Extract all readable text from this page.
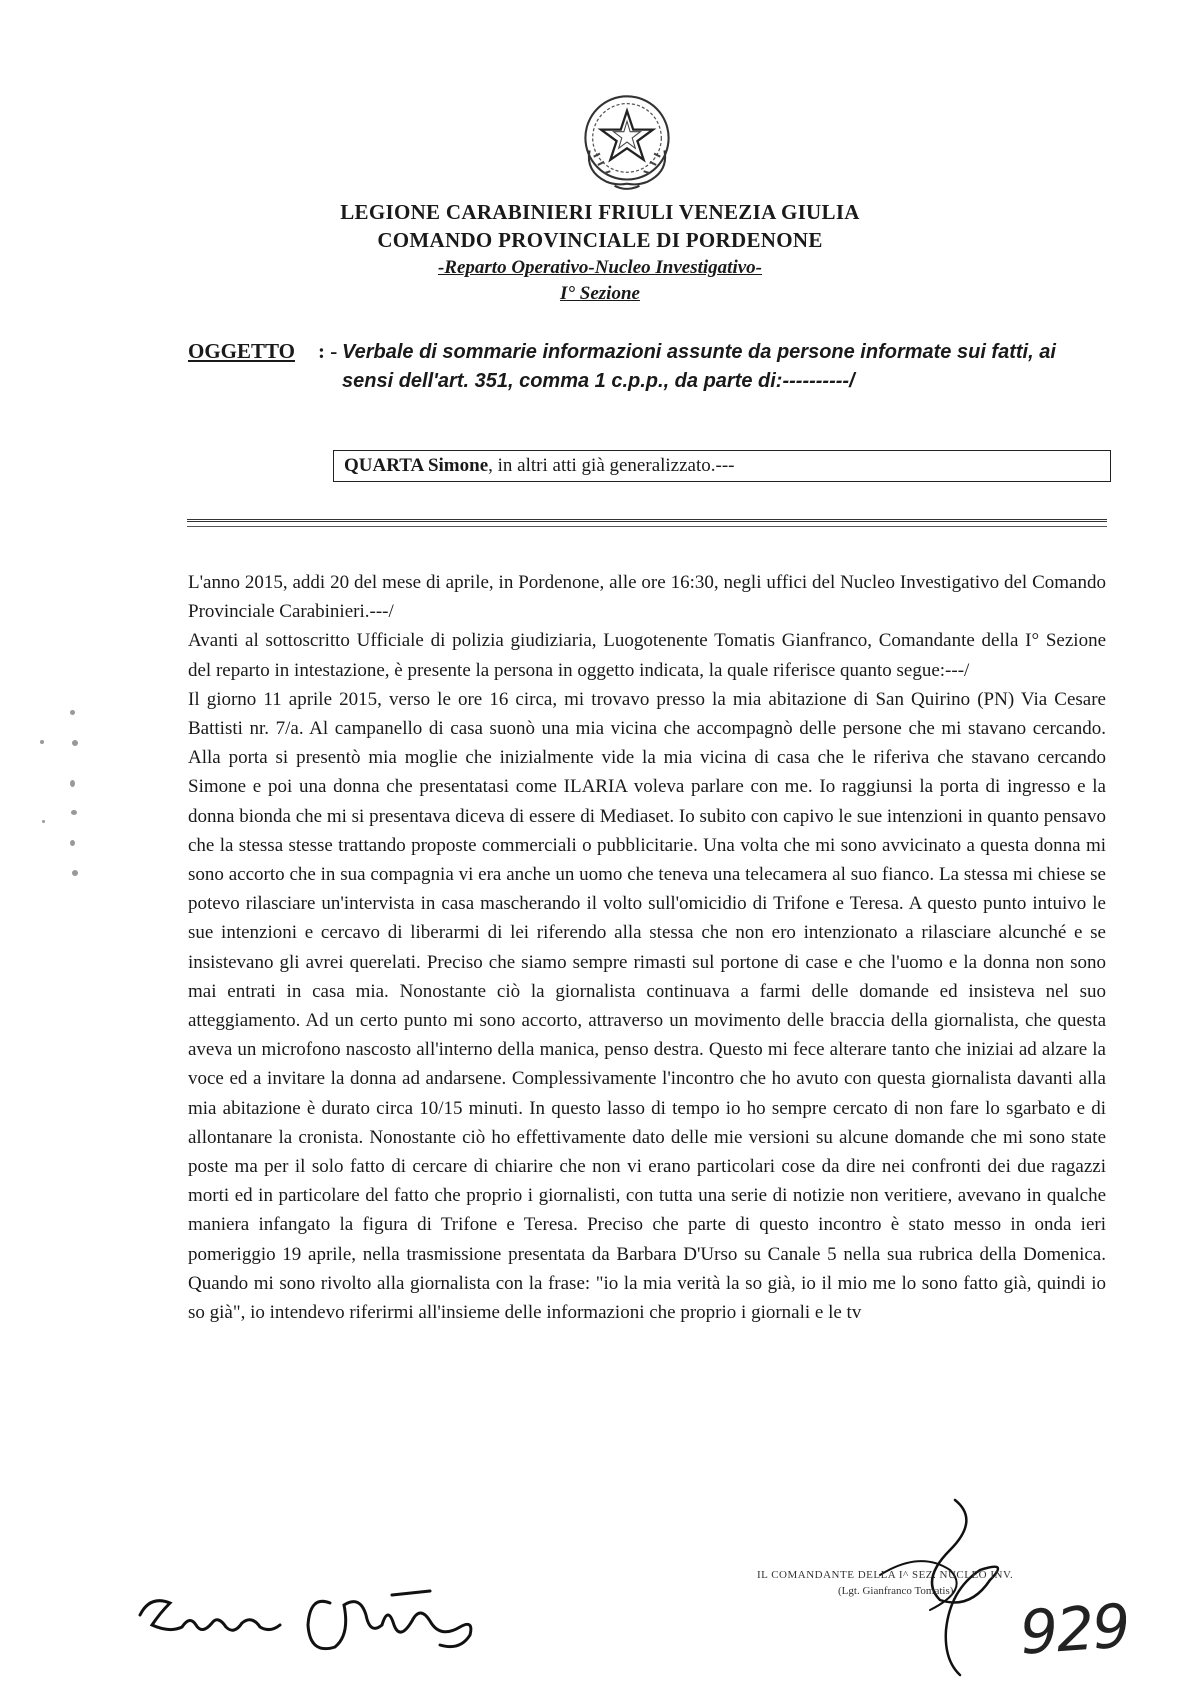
LEGIONE CARABINIERI FRIULI VENEZIA GIULIA
COMANDO PROVINCIALE DI PORDENONE
-Reparto Operativo-Nucleo Investigativo-
I° Sezione
OGGETTO : - Verbale di sommarie informazioni assunte da persone informate sui fatti, ai sensi dell'art. 351, comma 1 c.p.p., da parte di:----------/
QUARTA Simone, in altri atti già generalizzato.---

L'anno 2015, addi 20 del mese di aprile, in Pordenone, alle ore 16:30, negli uffici del Nucleo Investigativo del Comando Provinciale Carabinieri.---/

Avanti al sottoscritto Ufficiale di polizia giudiziaria, Luogotenente Tomatis Gianfranco, Comandante della I° Sezione del reparto in intestazione, è presente la persona in oggetto indicata, la quale riferisce quanto segue:---/

Il giorno 11 aprile 2015, verso le ore 16 circa, mi trovavo presso la mia abitazione di San Quirino (PN) Via Cesare Battisti nr. 7/a. Al campanello di casa suonò una mia vicina che accompagnò delle persone che mi stavano cercando. Alla porta si presentò mia moglie che inizialmente vide la mia vicina di casa che le riferiva che stavano cercando Simone e poi una donna che presentatasi come ILARIA voleva parlare con me. Io raggiunsi la porta di ingresso e la donna bionda che mi si presentava diceva di essere di Mediaset. Io subito con capivo le sue intenzioni in quanto pensavo che la stessa stesse trattando proposte commerciali o pubblicitarie. Una volta che mi sono avvicinato a questa donna mi sono accorto che in sua compagnia vi era anche un uomo che teneva una telecamera al suo fianco. La stessa mi chiese se potevo rilasciare un'intervista in casa mascherando il volto sull'omicidio di Trifone e Teresa. A questo punto intuivo le sue intenzioni e cercavo di liberarmi di lei riferendo alla stessa che non ero intenzionato a rilasciare alcunché e se insistevano gli avrei querelati. Preciso che siamo sempre rimasti sul portone di case e che l'uomo e la donna non sono mai entrati in casa mia. Nonostante ciò la giornalista continuava a farmi delle domande ed insisteva nel suo atteggiamento. Ad un certo punto mi sono accorto, attraverso un movimento delle braccia della giornalista, che questa aveva un microfono nascosto all'interno della manica, penso destra. Questo mi fece alterare tanto che iniziai ad alzare la voce ed a invitare la donna ad andarsene. Complessivamente l'incontro che ho avuto con questa giornalista davanti alla mia abitazione è durato circa 10/15 minuti. In questo lasso di tempo io ho sempre cercato di non fare lo sgarbato e di allontanare la cronista. Nonostante ciò ho effettivamente dato delle mie versioni su alcune domande che mi sono state poste ma per il solo fatto di cercare di chiarire che non vi erano particolari cose da dire nei confronti dei due ragazzi morti ed in particolare del fatto che proprio i giornalisti, con tutta una serie di notizie non veritiere, avevano in qualche maniera infangato la figura di Trifone e Teresa. Preciso che parte di questo incontro è stato messo in onda ieri pomeriggio 19 aprile, nella trasmissione presentata da Barbara D'Urso su Canale 5 nella sua rubrica della Domenica. Quando mi sono rivolto alla giornalista con la frase: "io la mia verità la so già, io il mio me lo sono fatto già, quindi io so già", io intendevo riferirmi all'insieme delle informazioni che proprio i giornali e le tv

IL COMANDANTE DELLA I^ SEZ. NUCLEO INV.
(Lgt. Gianfranco Tomatis)
929
